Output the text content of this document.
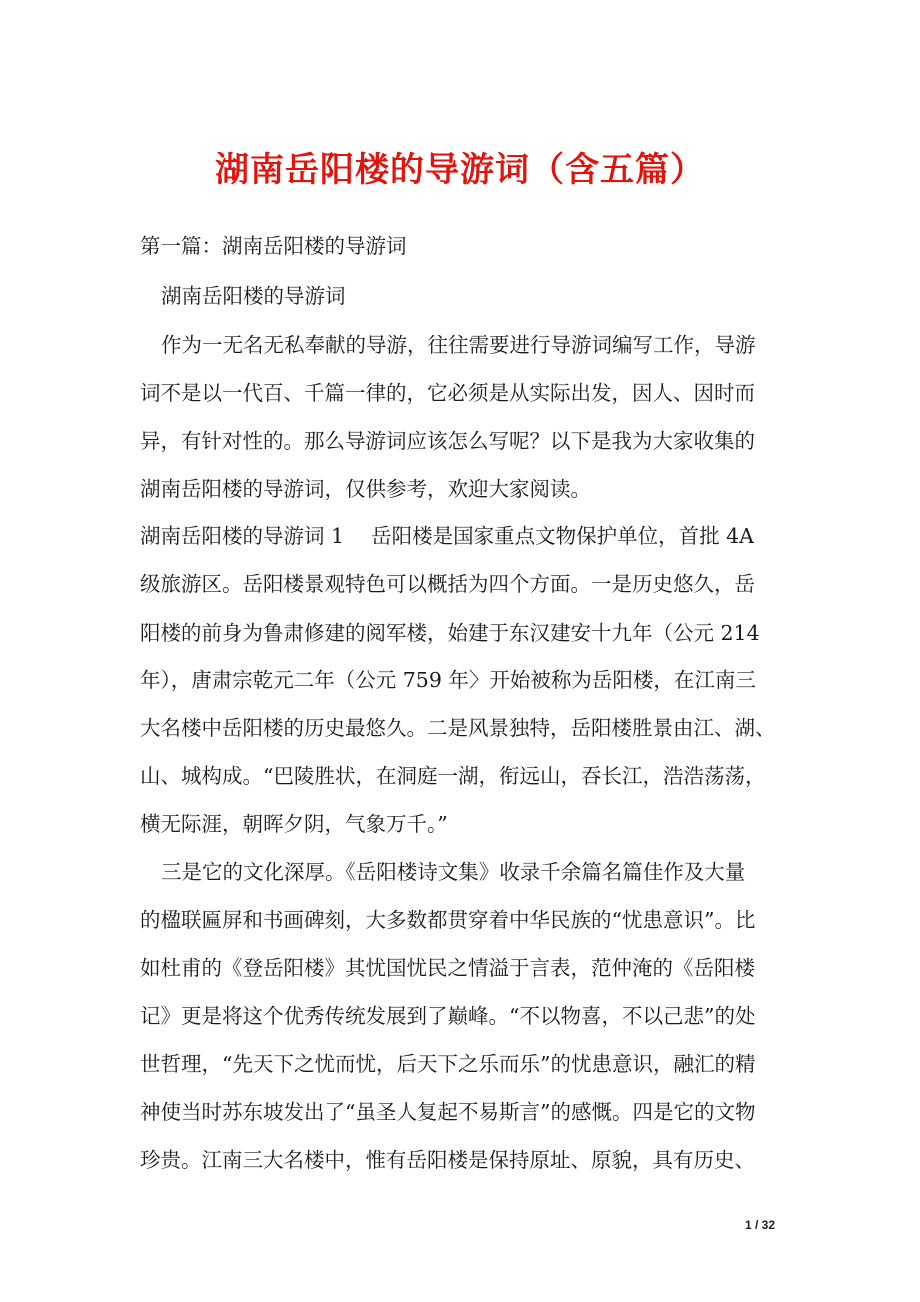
湖南岳阳楼的导游词（含五篇）
第一篇：湖南岳阳楼的导游词
湖南岳阳楼的导游词
作为一无名无私奉献的导游，往往需要进行导游词编写工作，导游
词不是以一代百、千篇一律的，它必须是从实际出发，因人、因时而
异，有针对性的。那么导游词应该怎么写呢？以下是我为大家收集的
湖南岳阳楼的导游词，仅供参考，欢迎大家阅读。
湖南岳阳楼的导游词 1　 岳阳楼是国家重点文物保护单位，首批 4A
级旅游区。岳阳楼景观特色可以概括为四个方面。一是历史悠久，岳
阳楼的前身为鲁肃修建的阅军楼，始建于东汉建安十九年（公元 214
年），唐肃宗乾元二年（公元 759 年〉开始被称为岳阳楼，在江南三
大名楼中岳阳楼的历史最悠久。二是风景独特，岳阳楼胜景由江、湖、
山、城构成。“巴陵胜状，在洞庭一湖，衔远山，吞长江，浩浩荡荡，
横无际涯，朝晖夕阴，气象万千。”
三是它的文化深厚。《岳阳楼诗文集》收录千余篇名篇佳作及大量
的楹联匾屏和书画碑刻，大多数都贯穿着中华民族的“忧患意识”。比
如杜甫的《登岳阳楼》其忧国忧民之情溢于言表，范仲淹的《岳阳楼
记》更是将这个优秀传统发展到了巅峰。“不以物喜，不以己悲”的处
世哲理，“先天下之忧而忧，后天下之乐而乐”的忧患意识，融汇的精
神使当时苏东坡发出了“虽圣人复起不易斯言”的感慨。四是它的文物
珍贵。江南三大名楼中，惟有岳阳楼是保持原址、原貌，具有历史、
1 / 32
